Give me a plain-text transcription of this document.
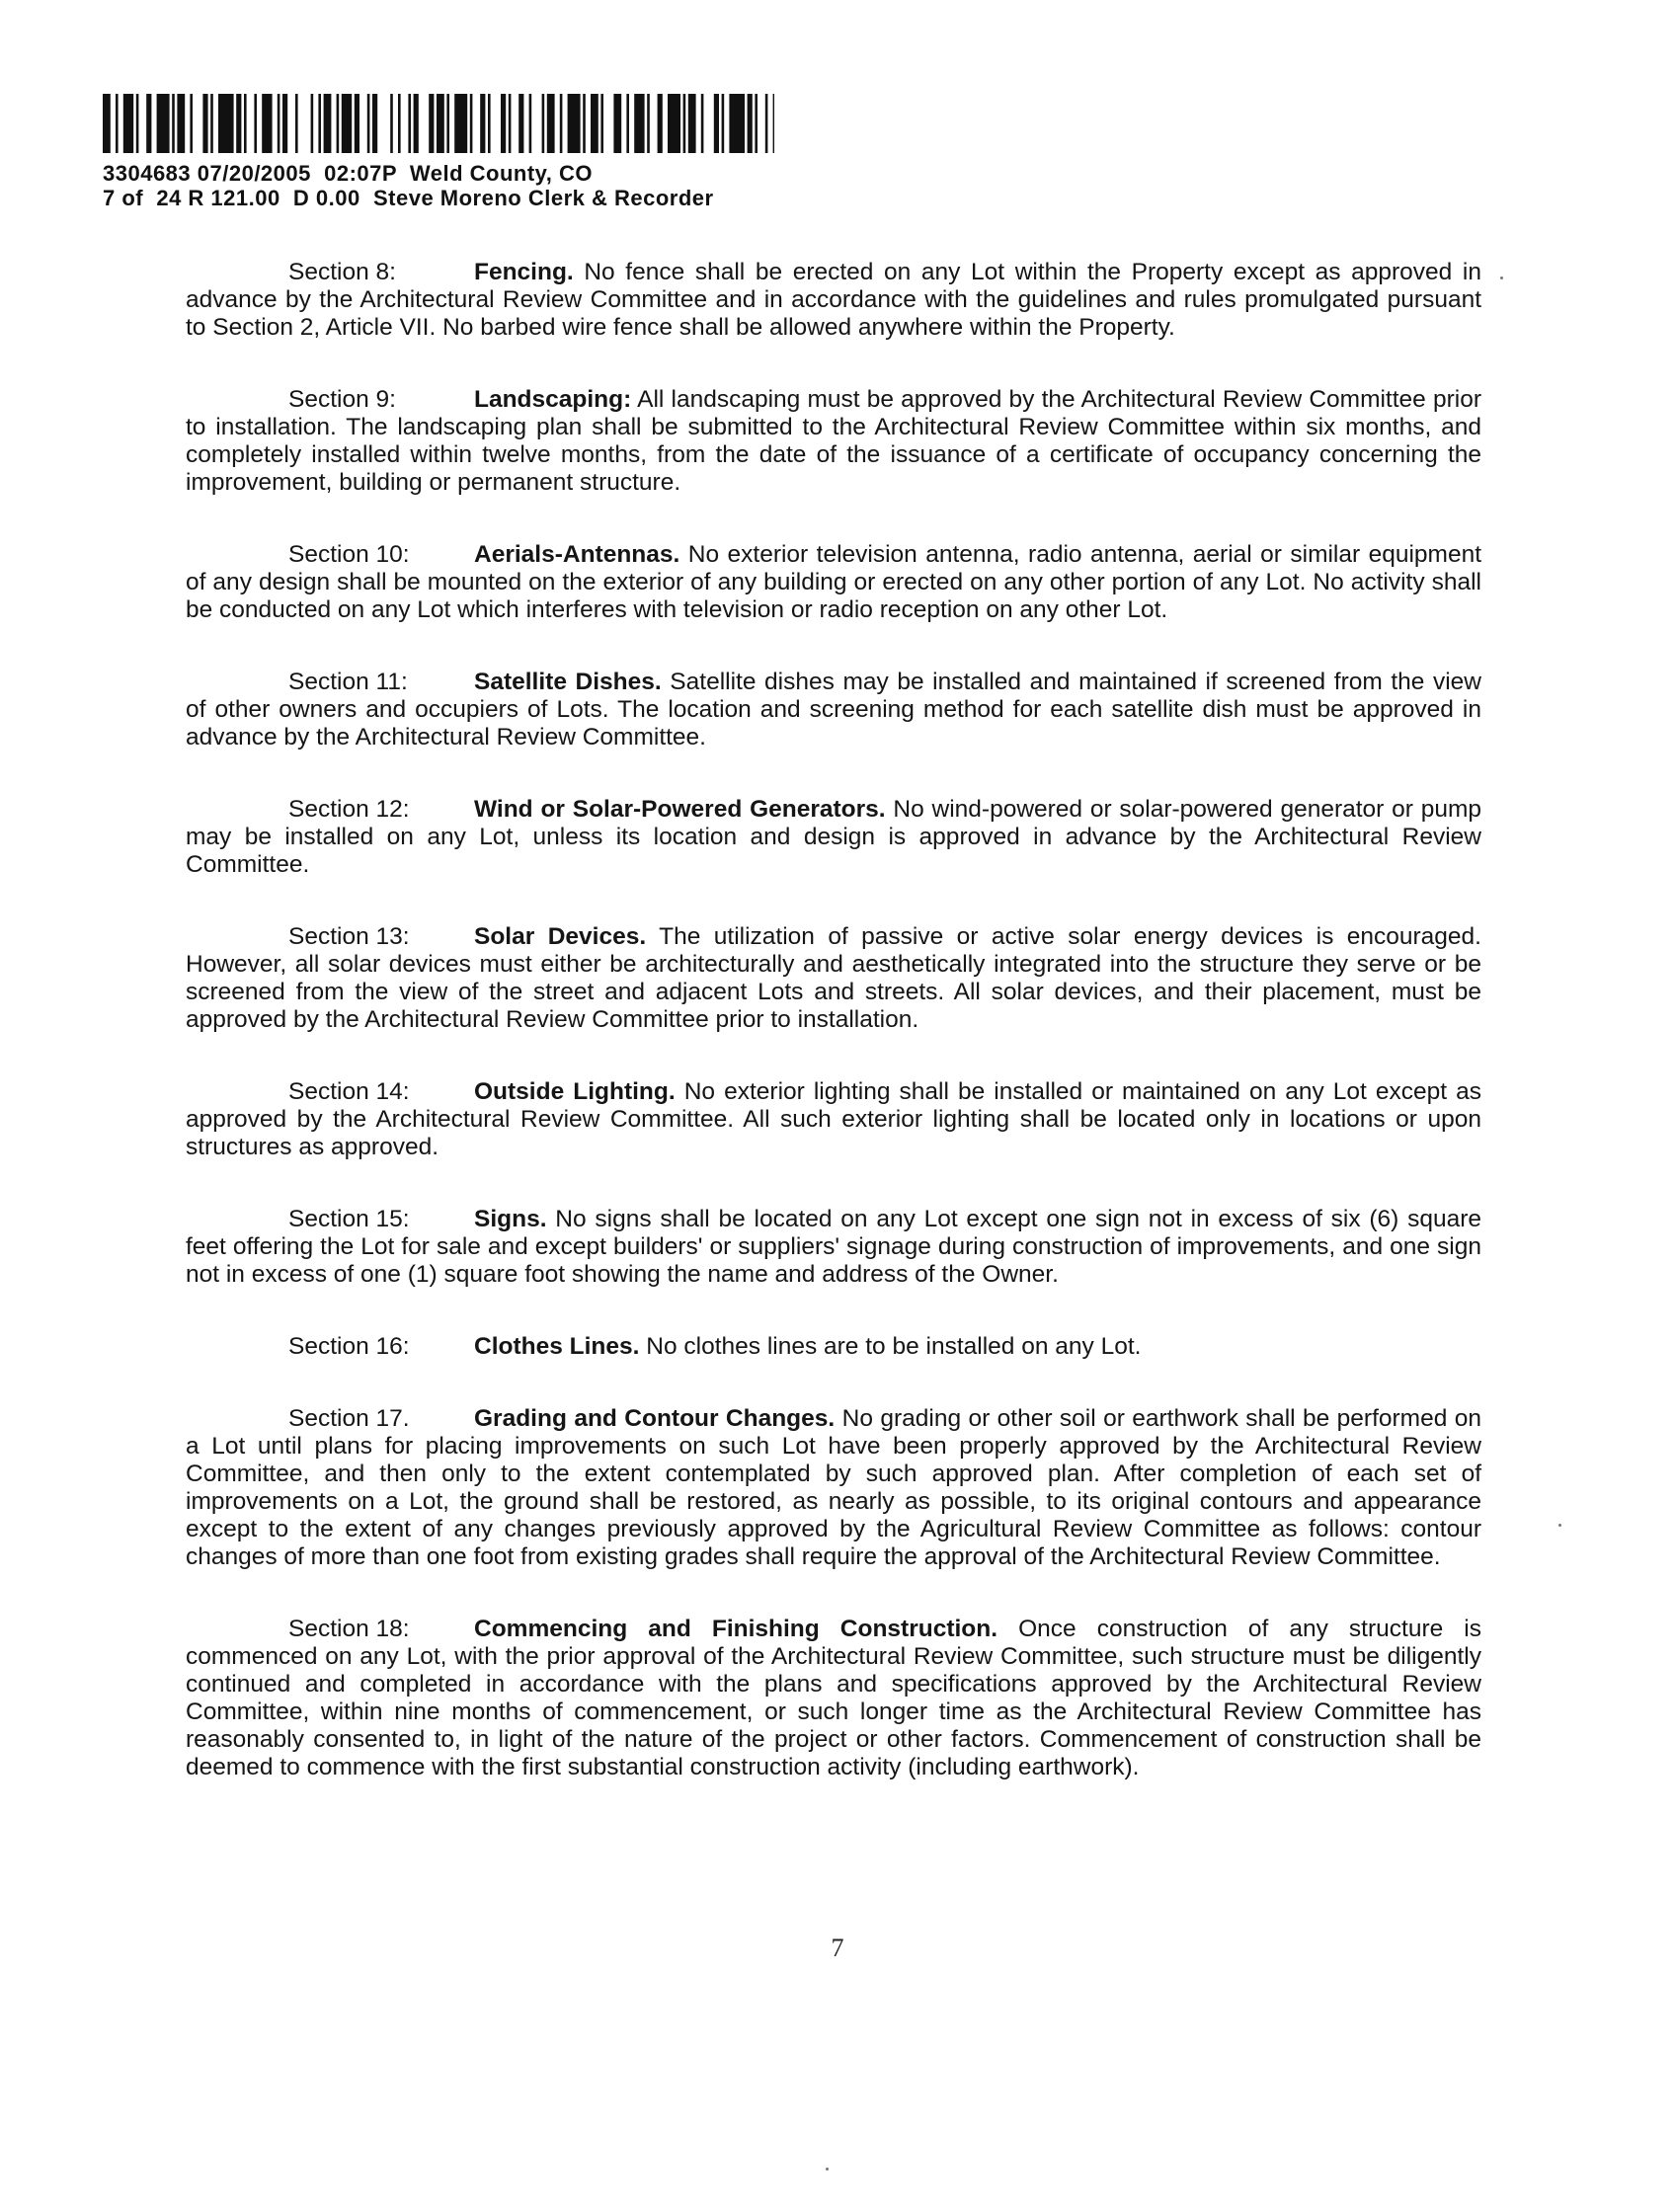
3304683 07/20/2005  02:07P  Weld County, CO
7 of  24 R 121.00  D 0.00  Steve Moreno Clerk & Recorder

Section 8:	Fencing. No fence shall be erected on any Lot within the Property except as approved in advance by the Architectural Review Committee and in accordance with the guidelines and rules promulgated pursuant to Section 2, Article VII. No barbed wire fence shall be allowed anywhere within the Property.

Section 9:	Landscaping: All landscaping must be approved by the Architectural Review Committee prior to installation. The landscaping plan shall be submitted to the Architectural Review Committee within six months, and completely installed within twelve months, from the date of the issuance of a certificate of occupancy concerning the improvement, building or permanent structure.

Section 10:	Aerials-Antennas. No exterior television antenna, radio antenna, aerial or similar equipment of any design shall be mounted on the exterior of any building or erected on any other portion of any Lot. No activity shall be conducted on any Lot which interferes with television or radio reception on any other Lot.

Section 11:	Satellite Dishes. Satellite dishes may be installed and maintained if screened from the view of other owners and occupiers of Lots. The location and screening method for each satellite dish must be approved in advance by the Architectural Review Committee.

Section 12:	Wind or Solar-Powered Generators. No wind-powered or solar-powered generator or pump may be installed on any Lot, unless its location and design is approved in advance by the Architectural Review Committee.

Section 13:	Solar Devices. The utilization of passive or active solar energy devices is encouraged. However, all solar devices must either be architecturally and aesthetically integrated into the structure they serve or be screened from the view of the street and adjacent Lots and streets. All solar devices, and their placement, must be approved by the Architectural Review Committee prior to installation.

Section 14:	Outside Lighting. No exterior lighting shall be installed or maintained on any Lot except as approved by the Architectural Review Committee. All such exterior lighting shall be located only in locations or upon structures as approved.

Section 15:	Signs. No signs shall be located on any Lot except one sign not in excess of six (6) square feet offering the Lot for sale and except builders' or suppliers' signage during construction of improvements, and one sign not in excess of one (1) square foot showing the name and address of the Owner.

Section 16:	Clothes Lines. No clothes lines are to be installed on any Lot.

Section 17.	Grading and Contour Changes. No grading or other soil or earthwork shall be performed on a Lot until plans for placing improvements on such Lot have been properly approved by the Architectural Review Committee, and then only to the extent contemplated by such approved plan. After completion of each set of improvements on a Lot, the ground shall be restored, as nearly as possible, to its original contours and appearance except to the extent of any changes previously approved by the Agricultural Review Committee as follows: contour changes of more than one foot from existing grades shall require the approval of the Architectural Review Committee.

Section 18:	Commencing and Finishing Construction. Once construction of any structure is commenced on any Lot, with the prior approval of the Architectural Review Committee, such structure must be diligently continued and completed in accordance with the plans and specifications approved by the Architectural Review Committee, within nine months of commencement, or such longer time as the Architectural Review Committee has reasonably consented to, in light of the nature of the project or other factors. Commencement of construction shall be deemed to commence with the first substantial construction activity (including earthwork).

7
